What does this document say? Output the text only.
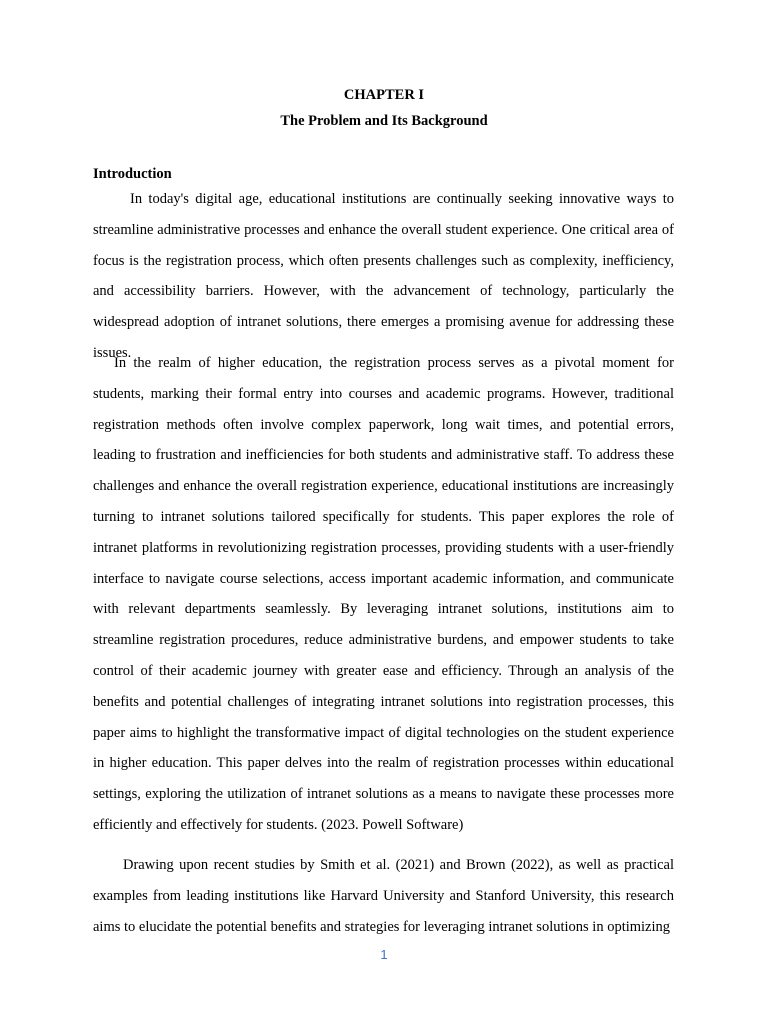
CHAPTER I
The Problem and Its Background
Introduction

In today's digital age, educational institutions are continually seeking innovative ways to streamline administrative processes and enhance the overall student experience. One critical area of focus is the registration process, which often presents challenges such as complexity, inefficiency, and accessibility barriers. However, with the advancement of technology, particularly the widespread adoption of intranet solutions, there emerges a promising avenue for addressing these issues.

In the realm of higher education, the registration process serves as a pivotal moment for students, marking their formal entry into courses and academic programs. However, traditional registration methods often involve complex paperwork, long wait times, and potential errors, leading to frustration and inefficiencies for both students and administrative staff. To address these challenges and enhance the overall registration experience, educational institutions are increasingly turning to intranet solutions tailored specifically for students. This paper explores the role of intranet platforms in revolutionizing registration processes, providing students with a user-friendly interface to navigate course selections, access important academic information, and communicate with relevant departments seamlessly. By leveraging intranet solutions, institutions aim to streamline registration procedures, reduce administrative burdens, and empower students to take control of their academic journey with greater ease and efficiency. Through an analysis of the benefits and potential challenges of integrating intranet solutions into registration processes, this paper aims to highlight the transformative impact of digital technologies on the student experience in higher education. This paper delves into the realm of registration processes within educational settings, exploring the utilization of intranet solutions as a means to navigate these processes more efficiently and effectively for students. (2023. Powell Software)

Drawing upon recent studies by Smith et al. (2021) and Brown (2022), as well as practical examples from leading institutions like Harvard University and Stanford University, this research aims to elucidate the potential benefits and strategies for leveraging intranet solutions in optimizing

1
